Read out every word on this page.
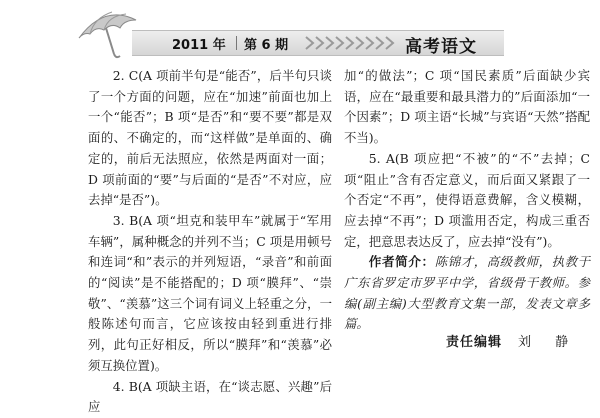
2011 年 第 6 期	高考语文

2. C(A 项前半句是“能否”，后半句只谈了一个方面的问题，应在“加速”前面也加上一个“能否”；B 项“是否”和“要不要”都是双面的、不确定的，而“这样做”是单面的、确定的，前后无法照应，依然是两面对一面；D 项前面的“要”与后面的“是否”不对应，应去掉“是否”)。

3. B(A 项“坦克和装甲车”就属于“军用车辆”，属种概念的并列不当；C 项是用顿号和连词“和”表示的并列短语，“录音”和前面的“阅读”是不能搭配的；D 项“膜拜”、“崇敬”、“羡慕”这三个词有词义上轻重之分，一般陈述句而言，它应该按由轻到重进行排列，此句正好相反，所以“膜拜”和“羡慕”必须互换位置)。

4. B(A 项缺主语，在“谈志愿、兴趣”后应

加“的做法”；C 项“国民素质”后面缺少宾语，应在“最重要和最具潜力的”后面添加“一个因素”；D 项主语“长城”与宾语“天然”搭配不当)。

5. A(B 项应把“不被”的“不”去掉；C 项“阻止”含有否定意义，而后面又紧跟了一个否定“不再”，使得语意费解，含义模糊，应去掉“不再”；D 项滥用否定，构成三重否定，把意思表达反了，应去掉“没有”)。

作者简介：陈锦才，高级教师，执教于广东省罗定市罗平中学，省级骨干教师。参编(副主编)大型教育文集一部，发表文章多篇。

责任编辑 刘 静
